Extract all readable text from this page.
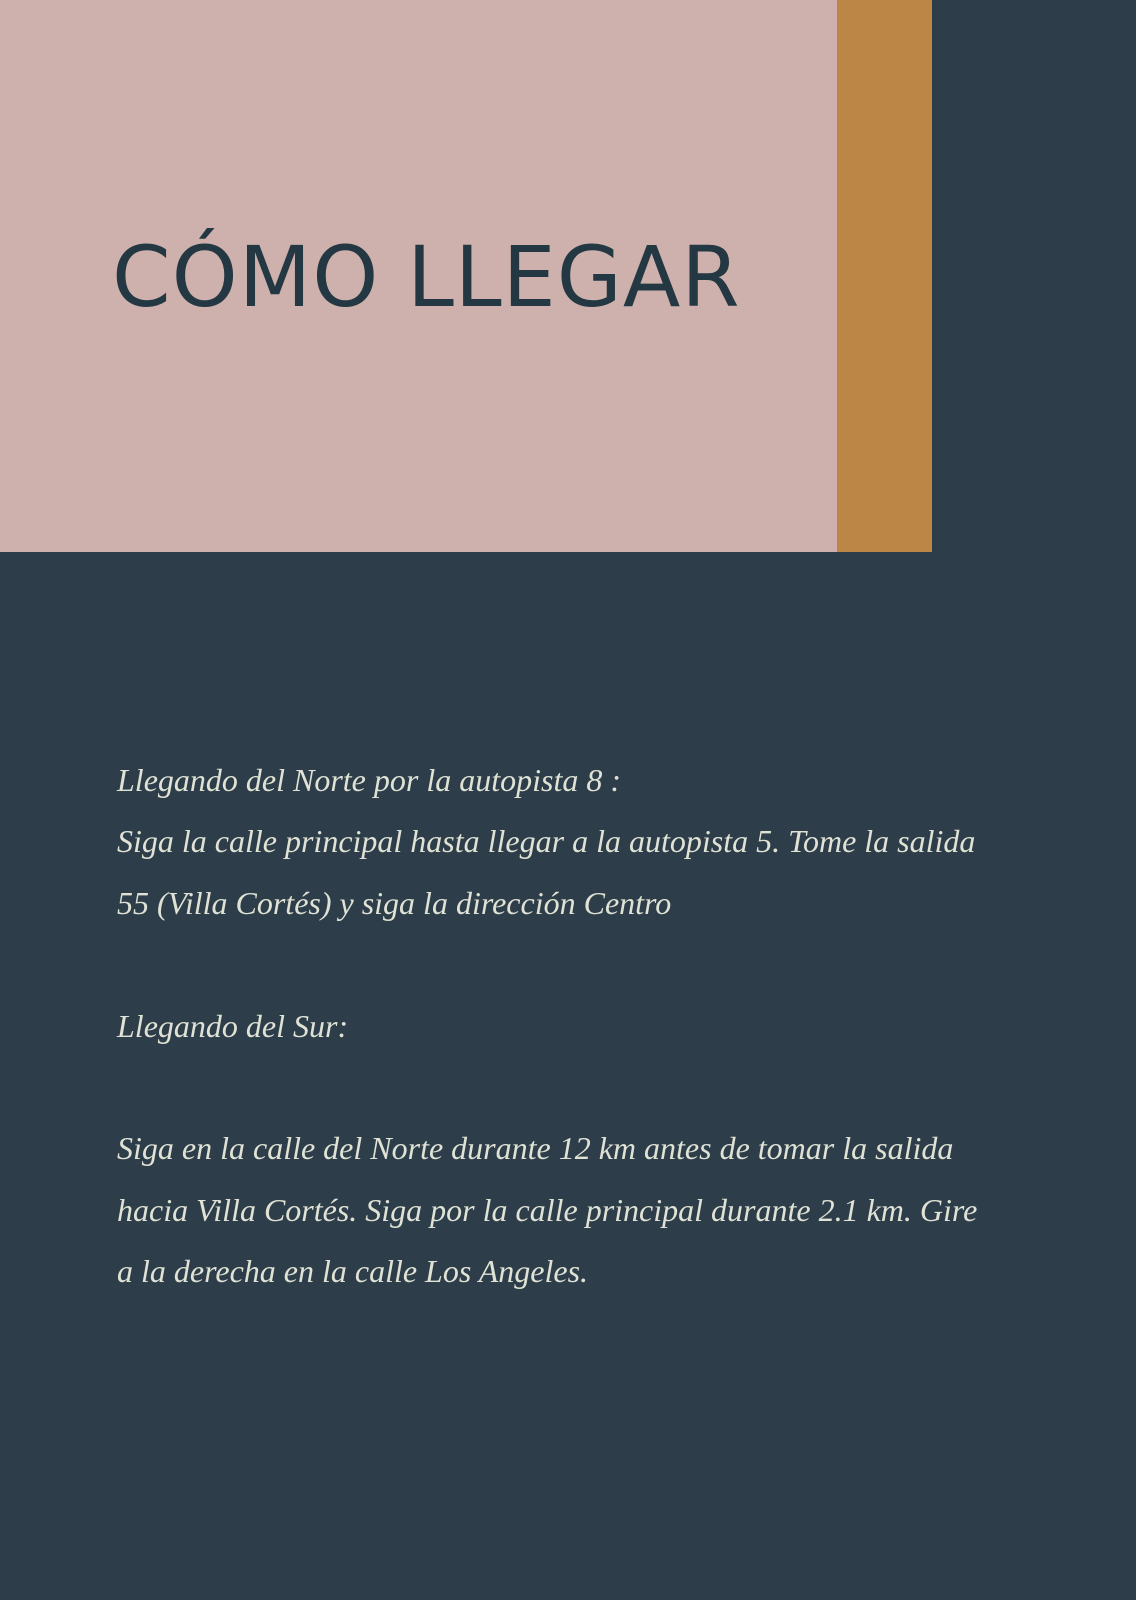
CÓMO LLEGAR

Llegando del Norte por la autopista 8 :

Siga la calle principal hasta llegar a la autopista 5. Tome la salida

55 (Villa Cortés) y siga la dirección Centro

Llegando del Sur:

Siga en la calle del Norte durante 12 km antes de tomar la salida

hacia Villa Cortés. Siga por la calle principal durante 2.1 km. Gire

a la derecha en la calle Los Angeles.
